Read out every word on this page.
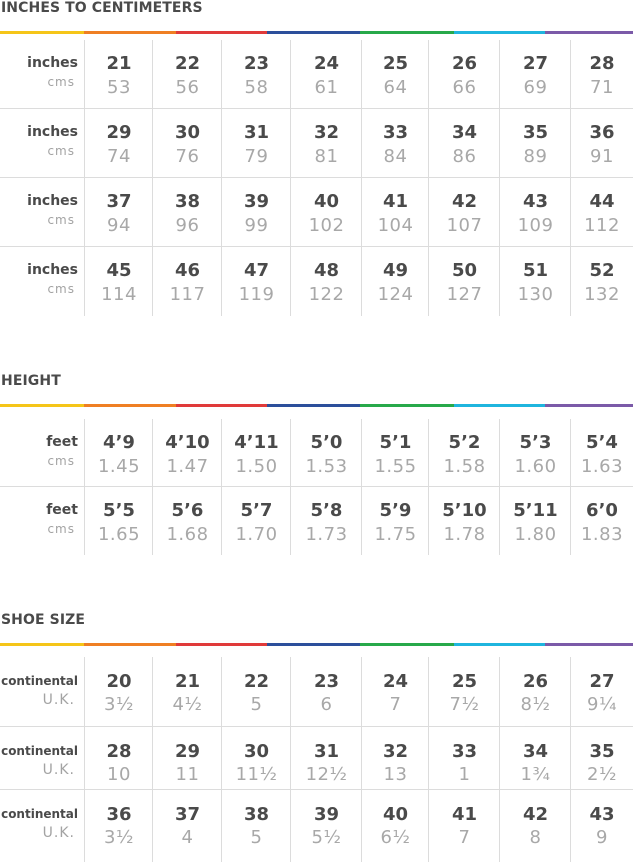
INCHES TO CENTIMETERS
inches
cms
21
53
22
56
23
58
24
61
25
64
26
66
27
69
28
71
inches
cms
29
74
30
76
31
79
32
81
33
84
34
86
35
89
36
91
inches
cms
37
94
38
96
39
99
40
102
41
104
42
107
43
109
44
112
inches
cms
45
114
46
117
47
119
48
122
49
124
50
127
51
130
52
132
HEIGHT
feet
cms
4’9
1.45
4’10
1.47
4’11
1.50
5’0
1.53
5’1
1.55
5’2
1.58
5’3
1.60
5’4
1.63
feet
cms
5’5
1.65
5’6
1.68
5’7
1.70
5’8
1.73
5’9
1.75
5’10
1.78
5’11
1.80
6’0
1.83
SHOE SIZE
continental
U.K.
20
3½
21
4½
22
5
23
6
24
7
25
7½
26
8½
27
9¼
continental
U.K.
28
10
29
11
30
11½
31
12½
32
13
33
1
34
1¾
35
2½
continental
U.K.
36
3½
37
4
38
5
39
5½
40
6½
41
7
42
8
43
9
